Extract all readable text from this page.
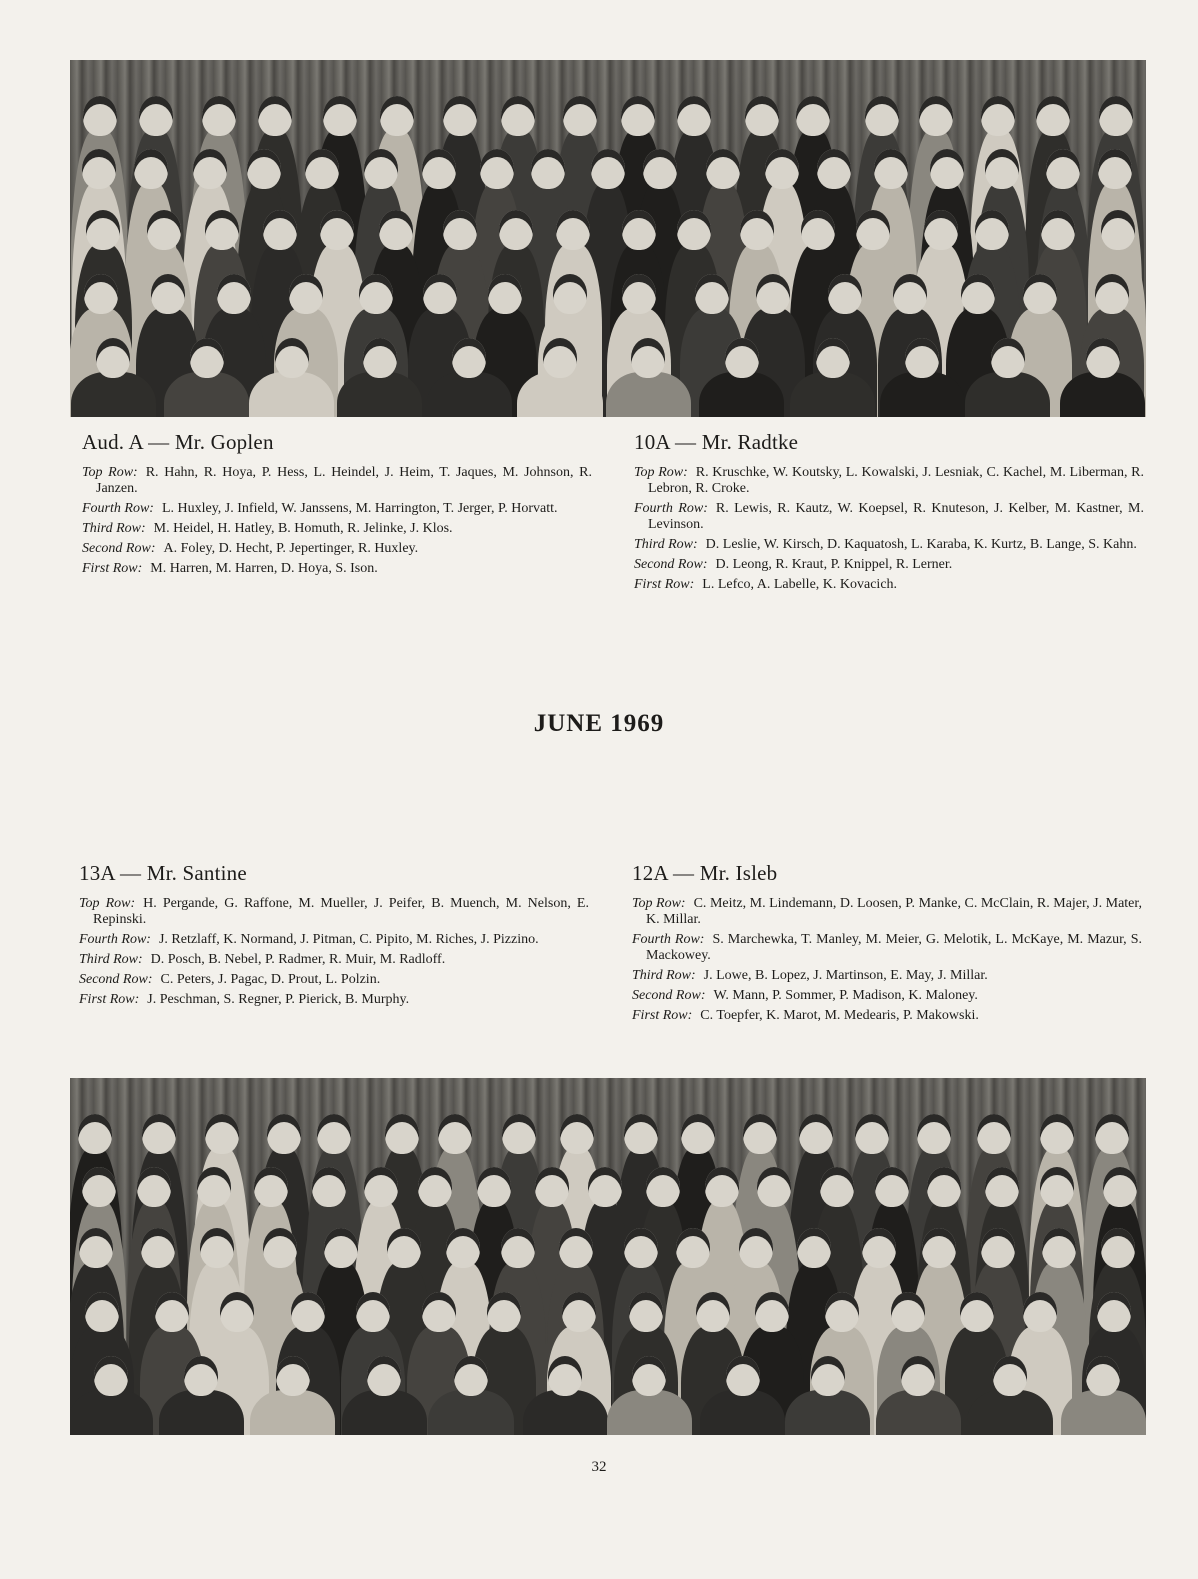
Aud. A — Mr. Goplen

Top Row: R. Hahn, R. Hoya, P. Hess, L. Heindel, J. Heim, T. Jaques, M. Johnson, R. Janzen.

Fourth Row: L. Huxley, J. Infield, W. Janssens, M. Harrington, T. Jerger, P. Horvatt.

Third Row: M. Heidel, H. Hatley, B. Homuth, R. Jelinke, J. Klos.

Second Row: A. Foley, D. Hecht, P. Jepertinger, R. Huxley.

First Row: M. Harren, M. Harren, D. Hoya, S. Ison.

10A — Mr. Radtke

Top Row: R. Kruschke, W. Koutsky, L. Kowalski, J. Lesniak, C. Kachel, M. Liberman, R. Lebron, R. Croke.

Fourth Row: R. Lewis, R. Kautz, W. Koepsel, R. Knuteson, J. Kelber, M. Kastner, M. Levinson.

Third Row: D. Leslie, W. Kirsch, D. Kaquatosh, L. Karaba, K. Kurtz, B. Lange, S. Kahn.

Second Row: D. Leong, R. Kraut, P. Knippel, R. Lerner.

First Row: L. Lefco, A. Labelle, K. Kovacich.

JUNE 1969
13A — Mr. Santine

Top Row: H. Pergande, G. Raffone, M. Mueller, J. Peifer, B. Muench, M. Nelson, E. Repinski.

Fourth Row: J. Retzlaff, K. Normand, J. Pitman, C. Pipito, M. Riches, J. Pizzino.

Third Row: D. Posch, B. Nebel, P. Radmer, R. Muir, M. Radloff.

Second Row: C. Peters, J. Pagac, D. Prout, L. Polzin.

First Row: J. Peschman, S. Regner, P. Pierick, B. Murphy.

12A — Mr. Isleb

Top Row: C. Meitz, M. Lindemann, D. Loosen, P. Manke, C. McClain, R. Majer, J. Mater, K. Millar.

Fourth Row: S. Marchewka, T. Manley, M. Meier, G. Melotik, L. McKaye, M. Mazur, S. Mackowey.

Third Row: J. Lowe, B. Lopez, J. Martinson, E. May, J. Millar.

Second Row: W. Mann, P. Sommer, P. Madison, K. Maloney.

First Row: C. Toepfer, K. Marot, M. Medearis, P. Makowski.

32
